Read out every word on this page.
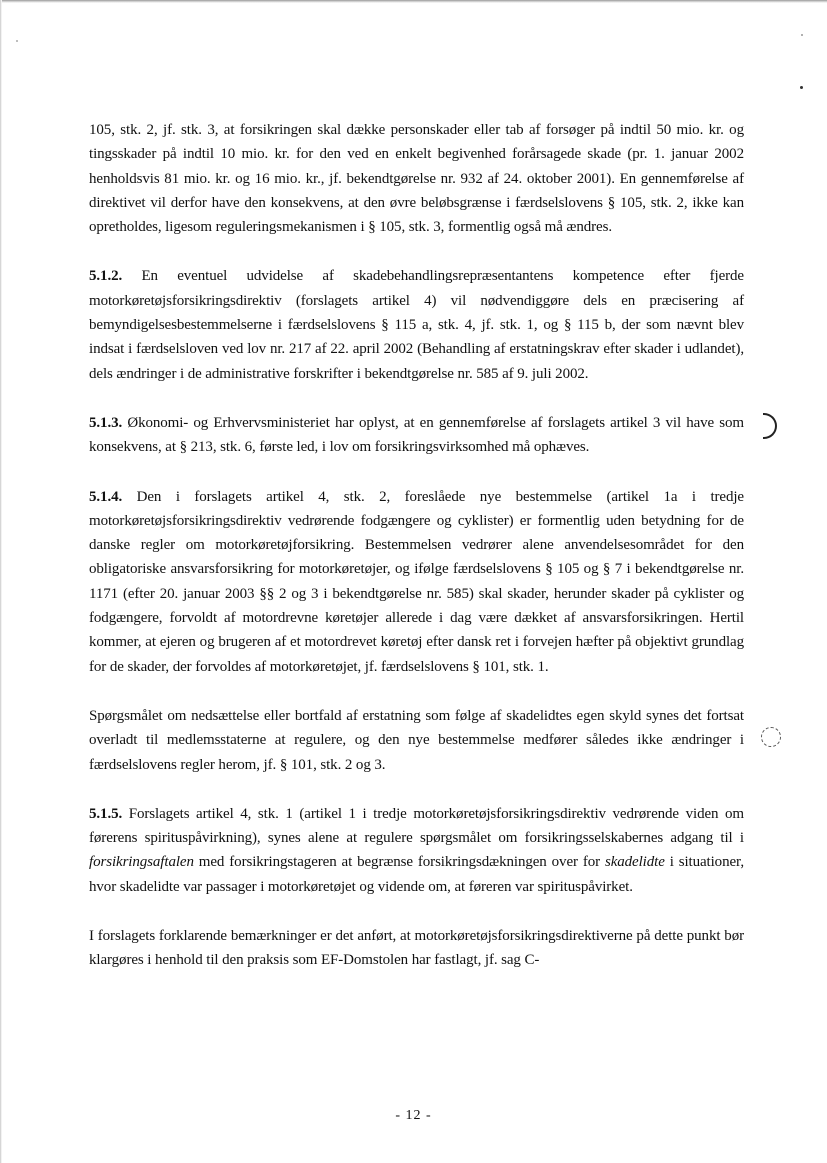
105, stk. 2, jf. stk. 3, at forsikringen skal dække personskader eller tab af forsøger på indtil 50 mio. kr. og tingsskader på indtil 10 mio. kr. for den ved en enkelt begivenhed forårsagede skade (pr. 1. januar 2002 henholdsvis 81 mio. kr. og 16 mio. kr., jf. bekendtgørelse nr. 932 af 24. oktober 2001). En gennemførelse af direktivet vil derfor have den konsekvens, at den øvre beløbsgrænse i færdselslovens § 105, stk. 2, ikke kan opretholdes, ligesom reguleringsmekanismen i § 105, stk. 3, formentlig også må ændres.

5.1.2. En eventuel udvidelse af skadebehandlingsrepræsentantens kompetence efter fjerde motorkøretøjsforsikringsdirektiv (forslagets artikel 4) vil nødvendiggøre dels en præcisering af bemyndigelsesbestemmelserne i færdselslovens § 115 a, stk. 4, jf. stk. 1, og § 115 b, der som nævnt blev indsat i færdselsloven ved lov nr. 217 af 22. april 2002 (Behandling af erstatningskrav efter skader i udlandet), dels ændringer i de administrative forskrifter i bekendtgørelse nr. 585 af 9. juli 2002.

5.1.3. Økonomi- og Erhvervsministeriet har oplyst, at en gennemførelse af forslagets artikel 3 vil have som konsekvens, at § 213, stk. 6, første led, i lov om forsikringsvirksomhed må ophæves.

5.1.4. Den i forslagets artikel 4, stk. 2, foreslåede nye bestemmelse (artikel 1a i tredje motorkøretøjsforsikringsdirektiv vedrørende fodgængere og cyklister) er formentlig uden betydning for de danske regler om motorkøretøjforsikring. Bestemmelsen vedrører alene anvendelsesområdet for den obligatoriske ansvarsforsikring for motorkøretøjer, og ifølge færdselslovens § 105 og § 7 i bekendtgørelse nr. 1171 (efter 20. januar 2003 §§ 2 og 3 i bekendtgørelse nr. 585) skal skader, herunder skader på cyklister og fodgængere, forvoldt af motordrevne køretøjer allerede i dag være dækket af ansvarsforsikringen. Hertil kommer, at ejeren og brugeren af et motordrevet køretøj efter dansk ret i forvejen hæfter på objektivt grundlag for de skader, der forvoldes af motorkøretøjet, jf. færdselslovens § 101, stk. 1.

Spørgsmålet om nedsættelse eller bortfald af erstatning som følge af skadelidtes egen skyld synes det fortsat overladt til medlemsstaterne at regulere, og den nye bestemmelse medfører således ikke ændringer i færdselslovens regler herom, jf. § 101, stk. 2 og 3.

5.1.5. Forslagets artikel 4, stk. 1 (artikel 1 i tredje motorkøretøjsforsikringsdirektiv vedrørende viden om førerens spirituspåvirkning), synes alene at regulere spørgsmålet om forsikringsselskabernes adgang til i forsikringsaftalen med forsikringstageren at begrænse forsikringsdækningen over for skadelidte i situationer, hvor skadelidte var passager i motorkøretøjet og vidende om, at føreren var spirituspåvirket.

I forslagets forklarende bemærkninger er det anført, at motorkøretøjsforsikringsdirektiverne på dette punkt bør klargøres i henhold til den praksis som EF-Domstolen har fastlagt, jf. sag C-

- 12 -
